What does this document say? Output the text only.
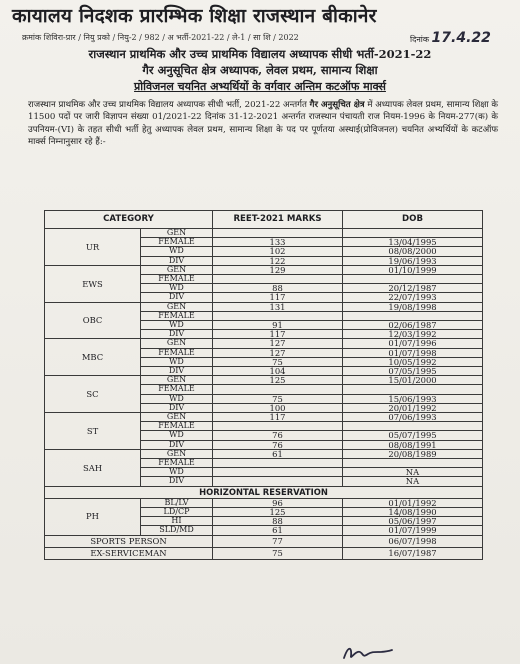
कायालय निदशक प्रारम्भिक शिक्षा राजस्थान बीकानेर
क्रमांक शिविरा-प्रार / नियु प्रको / नियु-2 / 982 / अ भर्ती-2021-22 / ले-1 / सा शि / 2022	दिनांक 17.4.22
राजस्थान प्राथमिक और उच्च प्राथमिक विद्यालय अध्यापक सीधी भर्ती-2021-22
गैर अनुसूचित क्षेत्र अध्यापक, लेवल प्रथम, सामान्य शिक्षा
प्रोविजनल चयनित अभ्यर्थियों के वर्गवार अन्तिम कटऑफ मार्क्स
राजस्थान प्राथमिक और उच्च प्राथमिक विद्यालय अध्यापक सीधी भर्ती, 2021-22 अन्तर्गत गैर अनुसूचित क्षेत्र में अध्यापक लेवल प्रथम, सामान्य शिक्षा के 11500 पदों पर जारी विज्ञापन संख्या 01/2021-22 दिनांक 31-12-2021 अन्तर्गत राजस्थान पंचायती राज नियम-1996 के नियम-277(क) के उपनियम-(VI) के तहत सीधी भर्ती हेतु अध्यापक लेवल प्रथम, सामान्य शिक्षा के पद पर पूर्णतया अस्थाई(प्रोविजनल) चयनित अभ्यर्थियों के कटऑफ मार्क्स निम्नानुसार रहे हैं:-
CATEGORY		REET-2021 MARKS	DOB
UR	GEN		
	FEMALE	133	13/04/1995
	WD	102	08/08/2000
	DIV	122	19/06/1993
EWS	GEN	129	01/10/1999
	FEMALE		
	WD	88	20/12/1987
	DIV	117	22/07/1993
OBC	GEN	131	19/08/1998
	FEMALE		
	WD	91	02/06/1987
	DIV	117	12/03/1992
MBC	GEN	127	01/07/1996
	FEMALE	127	01/07/1998
	WD	75	10/05/1992
	DIV	104	07/05/1995
SC	GEN	125	15/01/2000
	FEMALE		
	WD	75	15/06/1993
	DIV	100	20/01/1992
ST	GEN	117	07/06/1993
	FEMALE		
	WD	76	05/07/1995
	DIV	76	08/08/1991
SAH	GEN	61	20/08/1989
	FEMALE		
	WD		NA
	DIV		NA
HORIZONTAL RESERVATION			
PH	BL/LV	96	01/01/1992
	LD/CP	125	14/08/1990
	HI	88	05/06/1997
	SLD/MD	61	01/07/1999
SPORTS PERSON		77	06/07/1998
EX-SERVICEMAN		75	16/07/1987
